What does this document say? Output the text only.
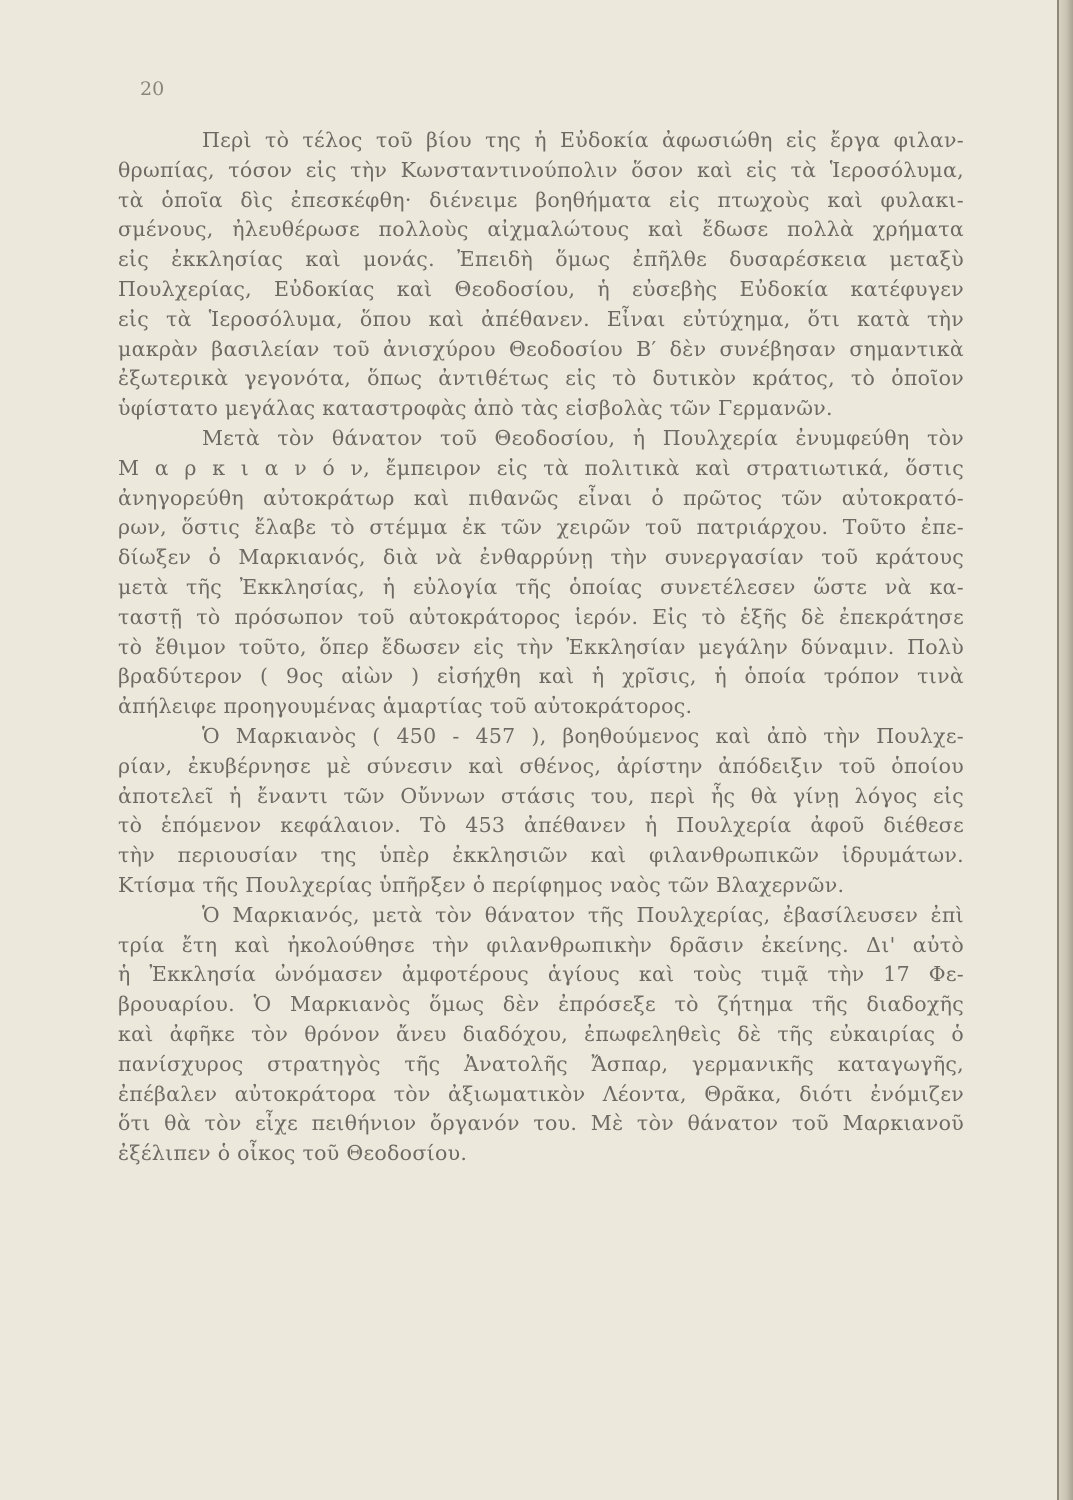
20
Περὶ τὸ τέλος τοῦ βίου της ἡ Εὐδοκία ἀφωσιώθη εἰς ἔργα φιλαν-
θρωπίας, τόσον εἰς τὴν Κωνσταντινούπολιν ὅσον καὶ εἰς τὰ Ἱεροσόλυμα,
τὰ ὁποῖα δὶς ἐπεσκέφθη· διένειμε βοηθήματα εἰς πτωχοὺς καὶ φυλακι-
σμένους, ἠλευθέρωσε πολλοὺς αἰχμαλώτους καὶ ἔδωσε πολλὰ χρήματα
εἰς ἐκκλησίας καὶ μονάς. Ἐπειδὴ ὅμως ἐπῆλθε δυσαρέσκεια μεταξὺ
Πουλχερίας, Εὐδοκίας καὶ Θεοδοσίου, ἡ εὐσεβὴς Εὐδοκία κατέφυγεν
εἰς τὰ Ἱεροσόλυμα, ὅπου καὶ ἀπέθανεν. Εἶναι εὐτύχημα, ὅτι κατὰ τὴν
μακρὰν βασιλείαν τοῦ ἀνισχύρου Θεοδοσίου Β′ δὲν συνέβησαν σημαντικὰ
ἐξωτερικὰ γεγονότα, ὅπως ἀντιθέτως εἰς τὸ δυτικὸν κράτος, τὸ ὁποῖον
ὑφίστατο μεγάλας καταστροφὰς ἀπὸ τὰς εἰσβολὰς τῶν Γερμανῶν.
Μετὰ τὸν θάνατον τοῦ Θεοδοσίου, ἡ Πουλχερία ἐνυμφεύθη τὸν
Μ α ρ κ ι α ν ό ν, ἔμπειρον εἰς τὰ πολιτικὰ καὶ στρατιωτικά, ὅστις
ἀνηγορεύθη αὐτοκράτωρ καὶ πιθανῶς εἶναι ὁ πρῶτος τῶν αὐτοκρατό-
ρων, ὅστις ἔλαβε τὸ στέμμα ἐκ τῶν χειρῶν τοῦ πατριάρχου. Τοῦτο ἐπε-
δίωξεν ὁ Μαρκιανός, διὰ νὰ ἐνθαρρύνῃ τὴν συνεργασίαν τοῦ κράτους
μετὰ τῆς Ἐκκλησίας, ἡ εὐλογία τῆς ὁποίας συνετέλεσεν ὥστε νὰ κα-
ταστῇ τὸ πρόσωπον τοῦ αὐτοκράτορος ἱερόν. Εἰς τὸ ἑξῆς δὲ ἐπεκράτησε
τὸ ἔθιμον τοῦτο, ὅπερ ἔδωσεν εἰς τὴν Ἐκκλησίαν μεγάλην δύναμιν. Πολὺ
βραδύτερον ( 9ος αἰὼν ) εἰσήχθη καὶ ἡ χρῖσις, ἡ ὁποία τρόπον τινὰ
ἀπήλειφε προηγουμένας ἁμαρτίας τοῦ αὐτοκράτορος.
Ὁ Μαρκιανὸς ( 450 - 457 ), βοηθούμενος καὶ ἀπὸ τὴν Πουλχε-
ρίαν, ἐκυβέρνησε μὲ σύνεσιν καὶ σθένος, ἀρίστην ἀπόδειξιν τοῦ ὁποίου
ἀποτελεῖ ἡ ἔναντι τῶν Οὔννων στάσις του, περὶ ἧς θὰ γίνῃ λόγος εἰς
τὸ ἑπόμενον κεφάλαιον. Τὸ 453 ἀπέθανεν ἡ Πουλχερία ἀφοῦ διέθεσε
τὴν περιουσίαν της ὑπὲρ ἐκκλησιῶν καὶ φιλανθρωπικῶν ἱδρυμάτων.
Κτίσμα τῆς Πουλχερίας ὑπῆρξεν ὁ περίφημος ναὸς τῶν Βλαχερνῶν.
Ὁ Μαρκιανός, μετὰ τὸν θάνατον τῆς Πουλχερίας, ἐβασίλευσεν ἐπὶ
τρία ἔτη καὶ ἠκολούθησε τὴν φιλανθρωπικὴν δρᾶσιν ἐκείνης. Δι' αὐτὸ
ἡ Ἐκκλησία ὠνόμασεν ἀμφοτέρους ἁγίους καὶ τοὺς τιμᾷ τὴν 17 Φε-
βρουαρίου. Ὁ Μαρκιανὸς ὅμως δὲν ἐπρόσεξε τὸ ζήτημα τῆς διαδοχῆς
καὶ ἀφῆκε τὸν θρόνον ἄνευ διαδόχου, ἐπωφεληθεὶς δὲ τῆς εὐκαιρίας ὁ
πανίσχυρος στρατηγὸς τῆς Ἀνατολῆς Ἄσπαρ, γερμανικῆς καταγωγῆς,
ἐπέβαλεν αὐτοκράτορα τὸν ἀξιωματικὸν Λέοντα, Θρᾶκα, διότι ἐνόμιζεν
ὅτι θὰ τὸν εἶχε πειθήνιον ὄργανόν του. Μὲ τὸν θάνατον τοῦ Μαρκιανοῦ
ἐξέλιπεν ὁ οἶκος τοῦ Θεοδοσίου.
